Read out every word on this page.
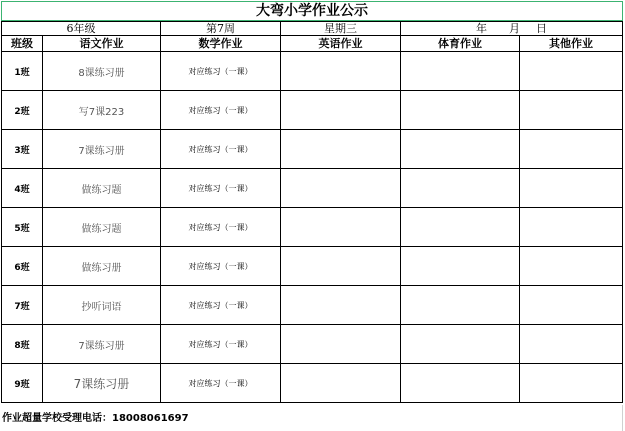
大弯小学作业公示
6年级		第7周	星期三	年 月 日	
班级	语文作业	数学作业	英语作业	体育作业	其他作业
1班	8课练习册	对应练习（一课）			
2班	写7课223	对应练习（一课）			
3班	7课练习册	对应练习（一课）			
4班	做练习题	对应练习（一课）			
5班	做练习题	对应练习（一课）			
6班	做练习册	对应练习（一课）			
7班	抄听词语	对应练习（一课）			
8班	7课练习册	对应练习（一课）			
9班	7课练习册	对应练习（一课）			
作业超量学校受理电话：18008061697
